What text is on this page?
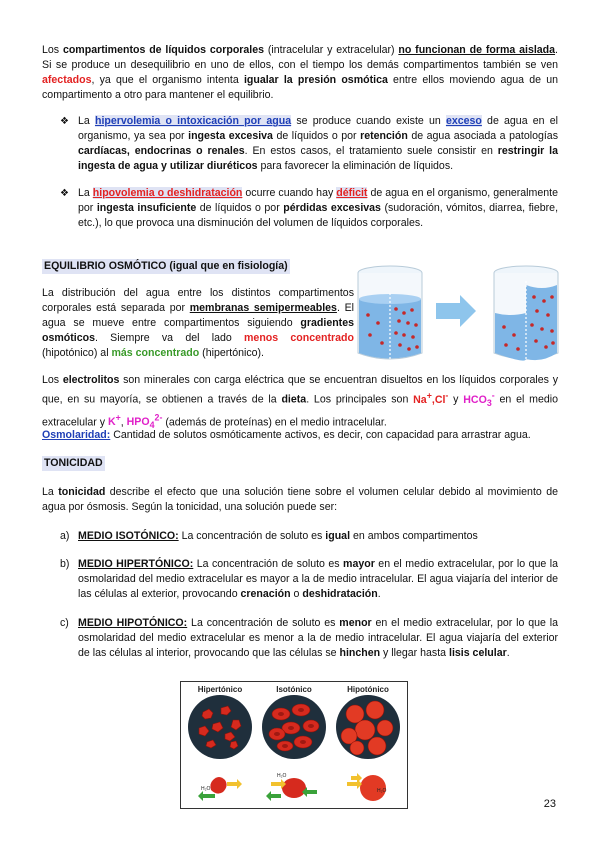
Los compartimentos de líquidos corporales (intracelular y extracelular) no funcionan de forma aislada. Si se produce un desequilibrio en uno de ellos, con el tiempo los demás compartimentos también se ven afectados, ya que el organismo intenta igualar la presión osmótica entre ellos moviendo agua de un compartimento a otro para mantener el equilibrio.

❖ La hipervolemia o intoxicación por agua se produce cuando existe un exceso de agua en el organismo, ya sea por ingesta excesiva de líquidos o por retención de agua asociada a patologías cardíacas, endocrinas o renales. En estos casos, el tratamiento suele consistir en restringir la ingesta de agua y utilizar diuréticos para favorecer la eliminación de líquidos.

❖ La hipovolemia o deshidratación ocurre cuando hay déficit de agua en el organismo, generalmente por ingesta insuficiente de líquidos o por pérdidas excesivas (sudoración, vómitos, diarrea, fiebre, etc.), lo que provoca una disminución del volumen de líquidos corporales.

EQUILIBRIO OSMÓTICO (igual que en fisiología)

La distribución del agua entre los distintos compartimentos corporales está separada por membranas semipermeables. El agua se mueve entre compartimentos siguiendo gradientes osmóticos. Siempre va del lado menos concentrado (hipotónico) al más concentrado (hipertónico).

Los electrolitos son minerales con carga eléctrica que se encuentran disueltos en los líquidos corporales y que, en su mayoría, se obtienen a través de la dieta. Los principales son Na+,Cl- y $HCO_3^-$ en el medio extracelular y K+, $HPO_4^{2-}$ (además de proteínas) en el medio intracelular.

Osmolaridad: Cantidad de solutos osmóticamente activos, es decir, con capacidad para arrastrar agua.

TONICIDAD

La tonicidad describe el efecto que una solución tiene sobre el volumen celular debido al movimiento de agua por ósmosis. Según la tonicidad, una solución puede ser:

a) MEDIO ISOTÓNICO: La concentración de soluto es igual en ambos compartimentos

b) MEDIO HIPERTÓNICO: La concentración de soluto es mayor en el medio extracelular, por lo que la osmolaridad del medio extracelular es mayor a la de medio intracelular. El agua viajaría del interior de las células al exterior, provocando crenación o deshidratación.

c) MEDIO HIPOTÓNICO: La concentración de soluto es menor en el medio extracelular, por lo que la osmolaridad del medio extracelular es menor a la de medio intracelular. El agua viajaría del exterior de las células al interior, provocando que las células se hinchen y llegar hasta lisis celular.

Hipertónico	Isotónico	Hipotónico
H₂O
H₂O
H₂O
23
